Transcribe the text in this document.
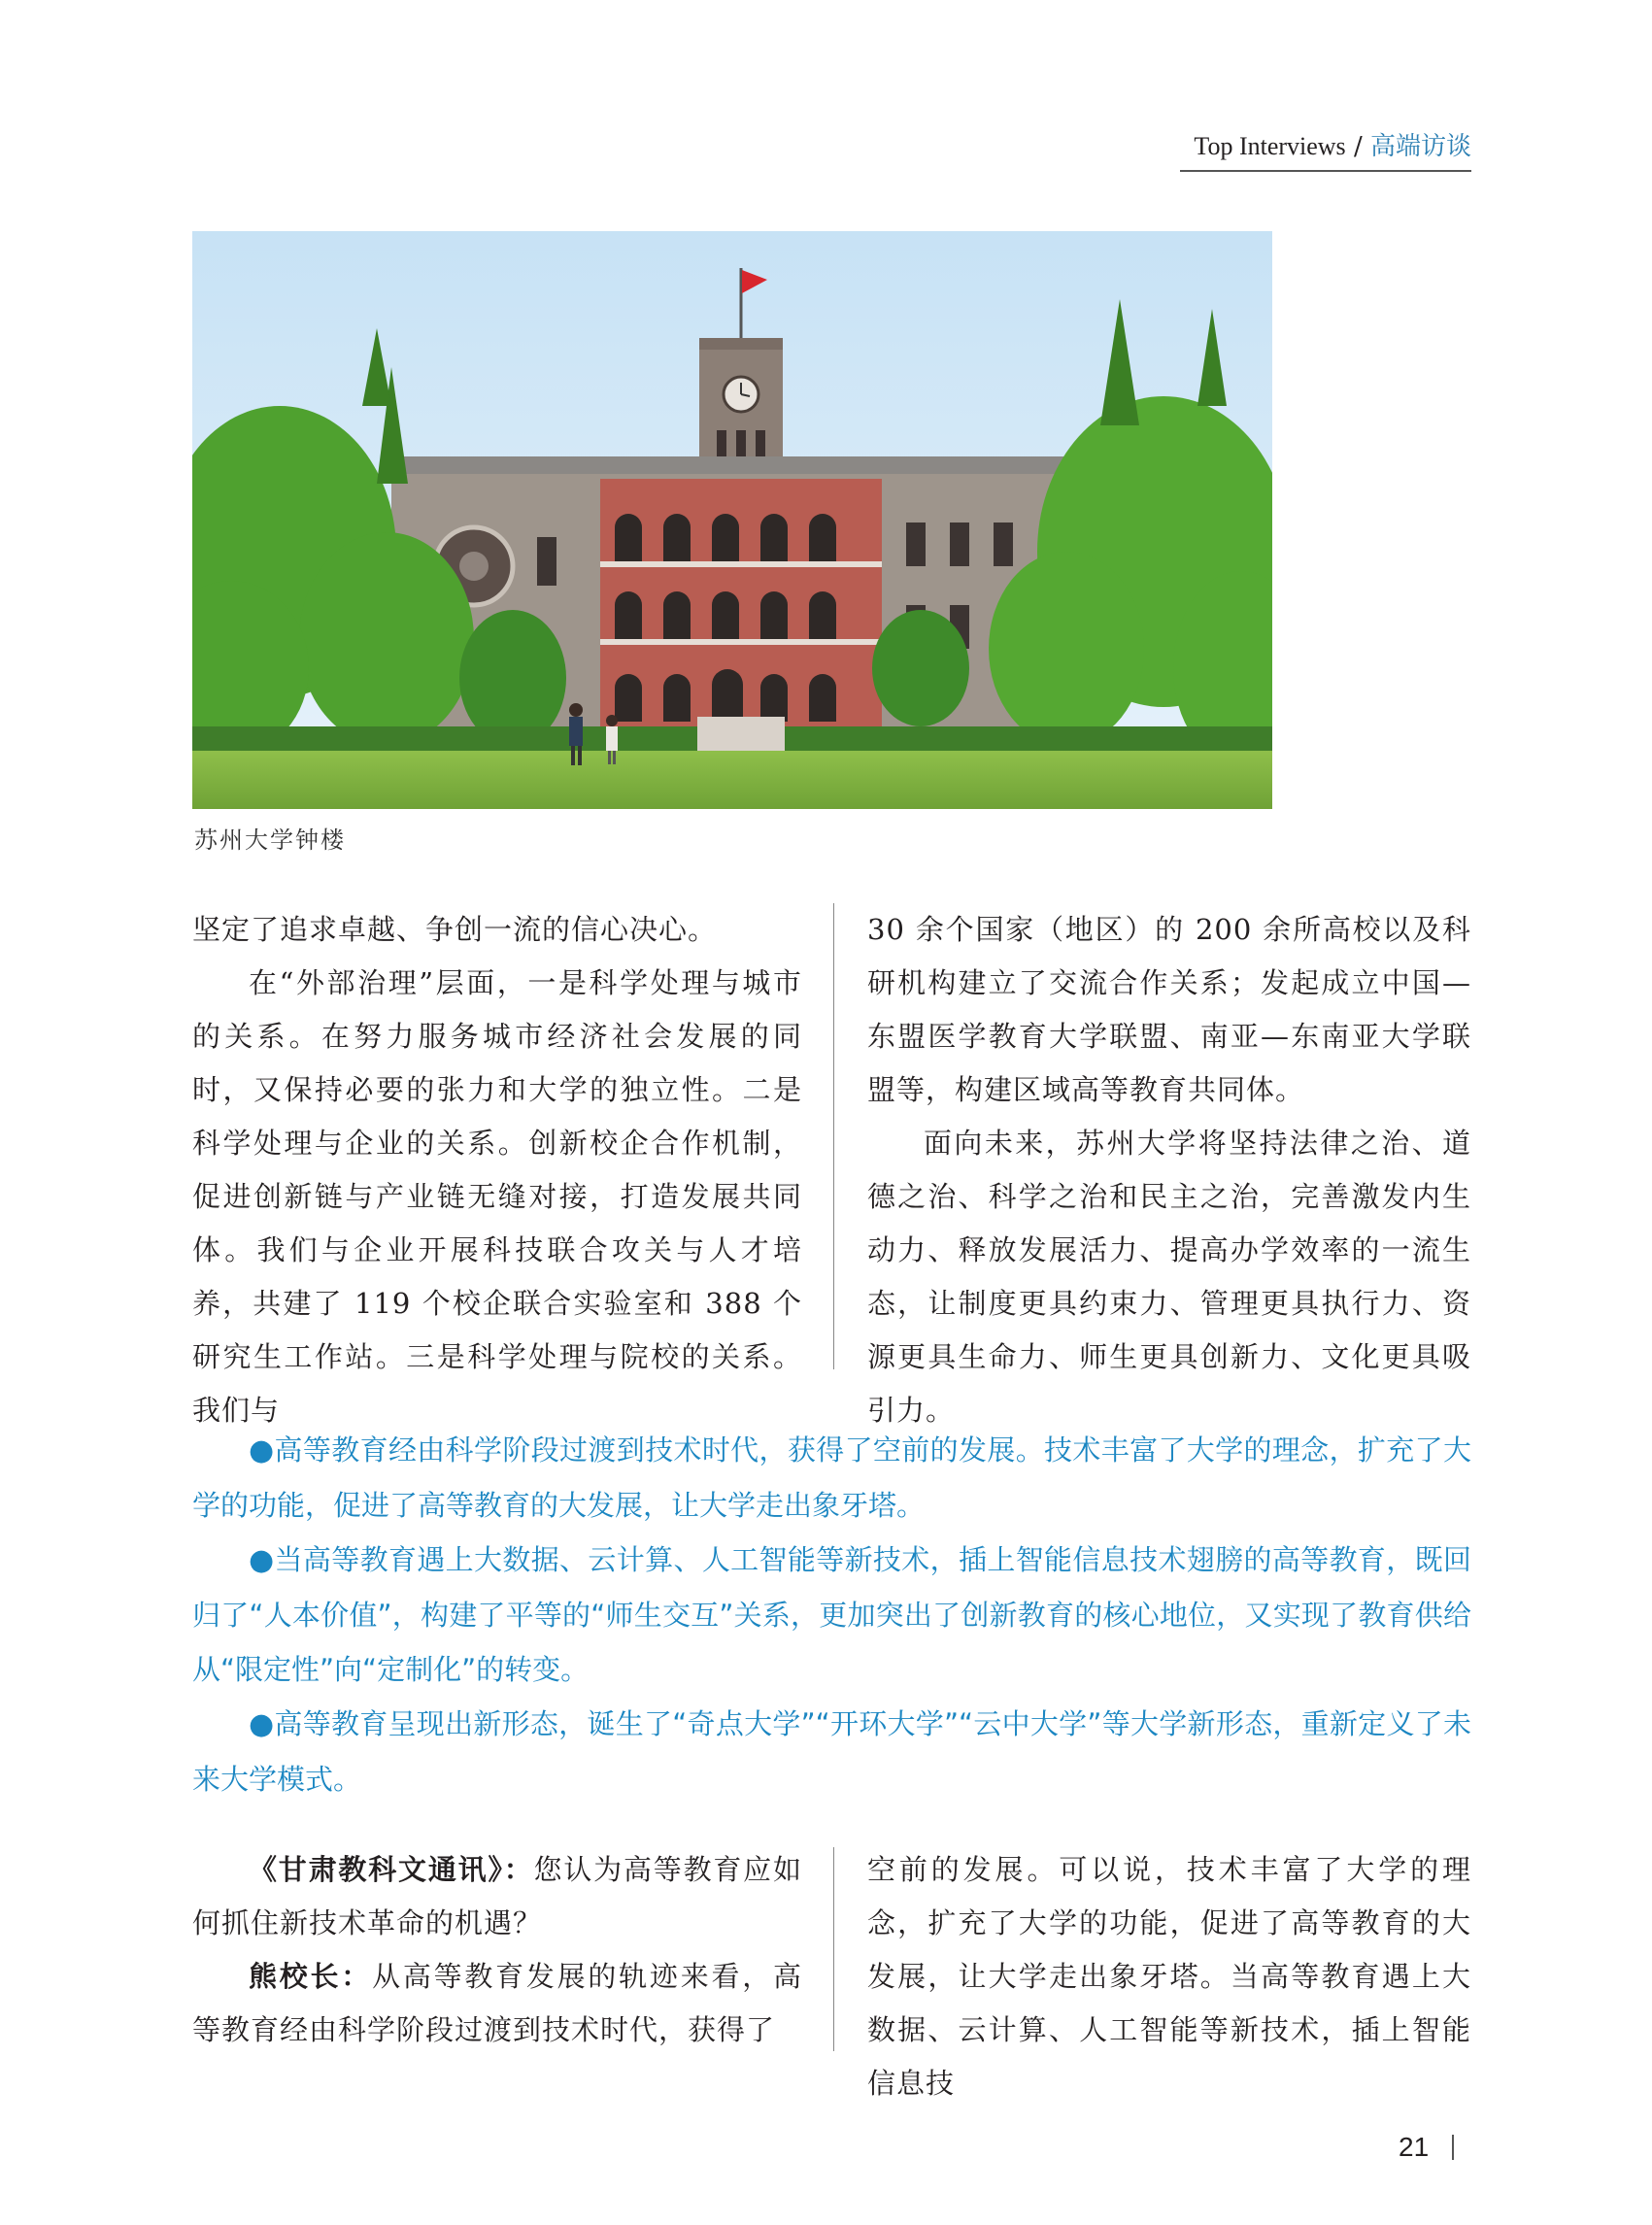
Top Interviews / 高端访谈
苏州大学钟楼

坚定了追求卓越、争创一流的信心决心。

在“外部治理”层面，一是科学处理与城市的关系。在努力服务城市经济社会发展的同时，又保持必要的张力和大学的独立性。二是科学处理与企业的关系。创新校企合作机制，促进创新链与产业链无缝对接，打造发展共同体。我们与企业开展科技联合攻关与人才培养，共建了 119 个校企联合实验室和 388 个研究生工作站。三是科学处理与院校的关系。我们与

30 余个国家（地区）的 200 余所高校以及科研机构建立了交流合作关系；发起成立中国—东盟医学教育大学联盟、南亚—东南亚大学联盟等，构建区域高等教育共同体。

面向未来，苏州大学将坚持法律之治、道德之治、科学之治和民主之治，完善激发内生动力、释放发展活力、提高办学效率的一流生态，让制度更具约束力、管理更具执行力、资源更具生命力、师生更具创新力、文化更具吸引力。

●高等教育经由科学阶段过渡到技术时代，获得了空前的发展。技术丰富了大学的理念，扩充了大学的功能，促进了高等教育的大发展，让大学走出象牙塔。

●当高等教育遇上大数据、云计算、人工智能等新技术，插上智能信息技术翅膀的高等教育，既回归了“人本价值”，构建了平等的“师生交互”关系，更加突出了创新教育的核心地位，又实现了教育供给从“限定性”向“定制化”的转变。

●高等教育呈现出新形态，诞生了“奇点大学”“开环大学”“云中大学”等大学新形态，重新定义了未来大学模式。

《甘肃教科文通讯》：您认为高等教育应如何抓住新技术革命的机遇？

熊校长：从高等教育发展的轨迹来看，高等教育经由科学阶段过渡到技术时代，获得了

空前的发展。可以说，技术丰富了大学的理念，扩充了大学的功能，促进了高等教育的大发展，让大学走出象牙塔。当高等教育遇上大数据、云计算、人工智能等新技术，插上智能信息技

21
